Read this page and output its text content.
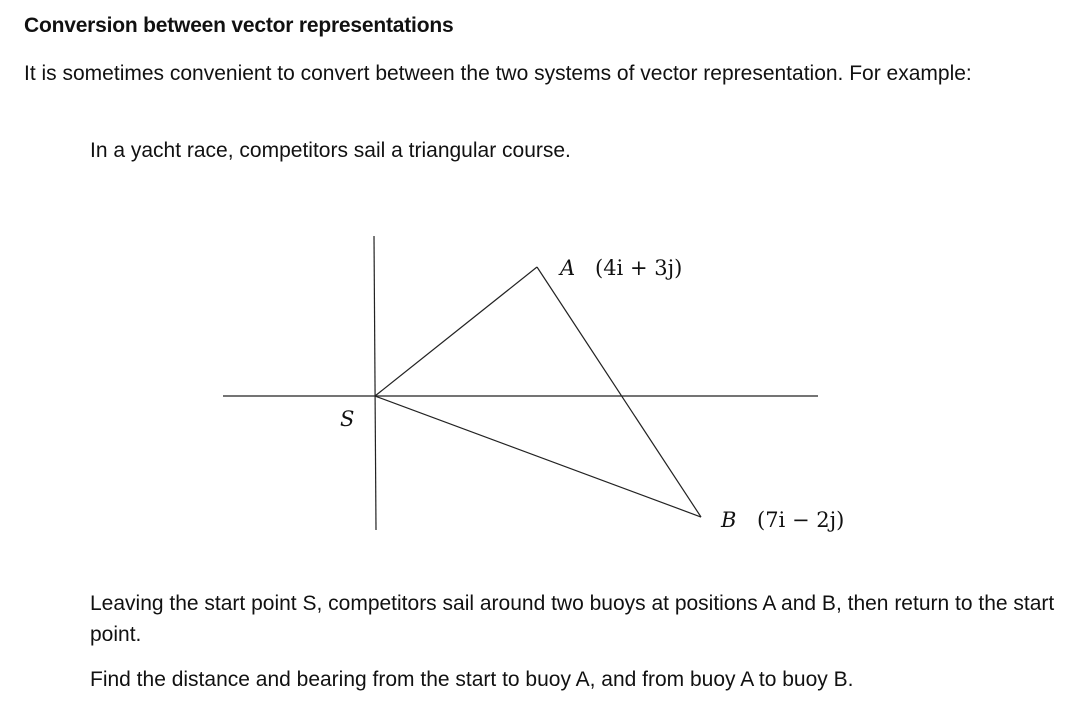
Conversion between vector representations
It is sometimes convenient to convert between the two systems of vector representation. For example:
In a yacht race, competitors sail a triangular course.
S
A (4i + 3j)
B (7i − 2j)
Leaving the start point S, competitors sail around two buoys at positions A and B, then return to the start point.
Find the distance and bearing from the start to buoy A, and from buoy A to buoy B.
